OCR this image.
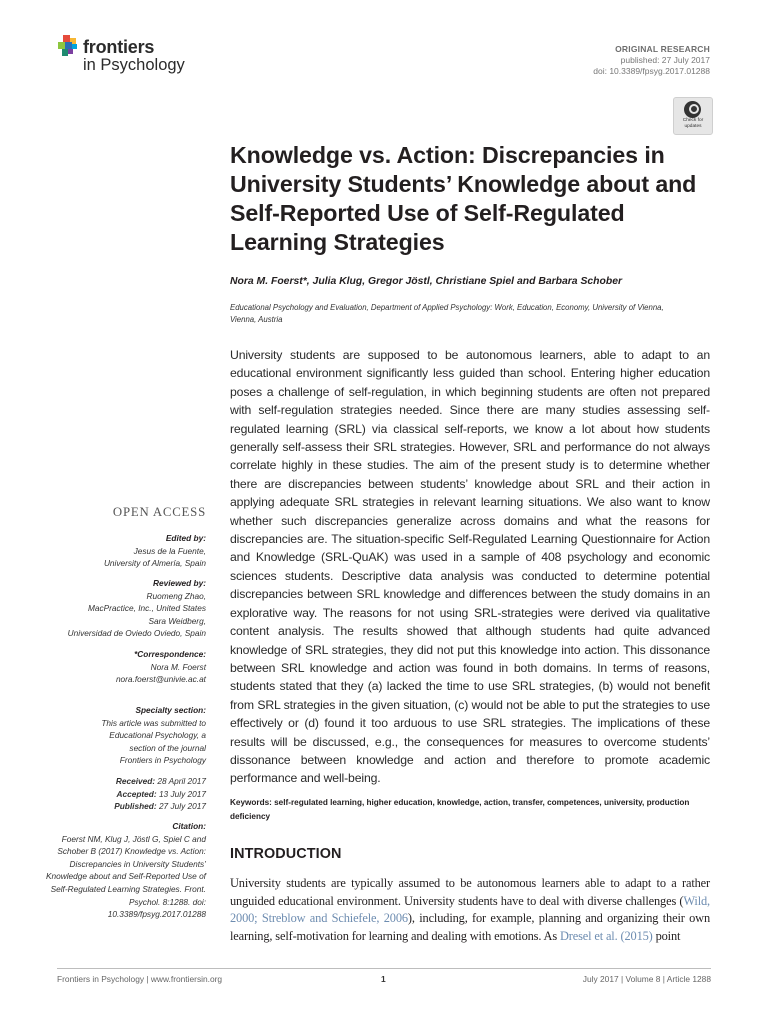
frontiers
in Psychology
ORIGINAL RESEARCH
published: 27 July 2017
doi: 10.3389/fpsyg.2017.01288
Check for updates
Knowledge vs. Action: Discrepancies in University Students’ Knowledge about and Self-Reported Use of Self-Regulated Learning Strategies
Nora M. Foerst*, Julia Klug, Gregor Jöstl, Christiane Spiel and Barbara Schober
Educational Psychology and Evaluation, Department of Applied Psychology: Work, Education, Economy, University of Vienna, Vienna, Austria
University students are supposed to be autonomous learners, able to adapt to an educational environment significantly less guided than school. Entering higher education poses a challenge of self-regulation, in which beginning students are often not prepared with self-regulation strategies needed. Since there are many studies assessing self-regulated learning (SRL) via classical self-reports, we know a lot about how students generally self-assess their SRL strategies. However, SRL and performance do not always correlate highly in these studies. The aim of the present study is to determine whether there are discrepancies between students’ knowledge about SRL and their action in applying adequate SRL strategies in relevant learning situations. We also want to know whether such discrepancies generalize across domains and what the reasons for discrepancies are. The situation-specific Self-Regulated Learning Questionnaire for Action and Knowledge (SRL-QuAK) was used in a sample of 408 psychology and economic sciences students. Descriptive data analysis was conducted to determine potential discrepancies between SRL knowledge and differences between the study domains in an explorative way. The reasons for not using SRL-strategies were derived via qualitative content analysis. The results showed that although students had quite advanced knowledge of SRL strategies, they did not put this knowledge into action. This dissonance between SRL knowledge and action was found in both domains. In terms of reasons, students stated that they (a) lacked the time to use SRL strategies, (b) would not benefit from SRL strategies in the given situation, (c) would not be able to put the strategies to use effectively or (d) found it too arduous to use SRL strategies. The implications of these results will be discussed, e.g., the consequences for measures to overcome students’ dissonance between knowledge and action and therefore to promote academic performance and well-being.
Keywords: self-regulated learning, higher education, knowledge, action, transfer, competences, university, production deficiency
INTRODUCTION
University students are typically assumed to be autonomous learners able to adapt to a rather unguided educational environment. University students have to deal with diverse challenges (Wild, 2000; Streblow and Schiefele, 2006), including, for example, planning and organizing their own learning, self-motivation for learning and dealing with emotions. As Dresel et al. (2015) point
OPEN ACCESS
Edited by:
Jesus de la Fuente,
University of Almería, Spain
Reviewed by:
Ruomeng Zhao,
MacPractice, Inc., United States
Sara Weidberg,
Universidad de Oviedo Oviedo, Spain
*Correspondence:
Nora M. Foerst
nora.foerst@univie.ac.at
Specialty section:
This article was submitted to Educational Psychology, a section of the journal Frontiers in Psychology
Received: 28 April 2017
Accepted: 13 July 2017
Published: 27 July 2017
Citation:
Foerst NM, Klug J, Jöstl G, Spiel C and Schober B (2017) Knowledge vs. Action: Discrepancies in University Students’ Knowledge about and Self-Reported Use of Self-Regulated Learning Strategies. Front. Psychol. 8:1288. doi: 10.3389/fpsyg.2017.01288
Frontiers in Psychology | www.frontiersin.org	1	July 2017 | Volume 8 | Article 1288
